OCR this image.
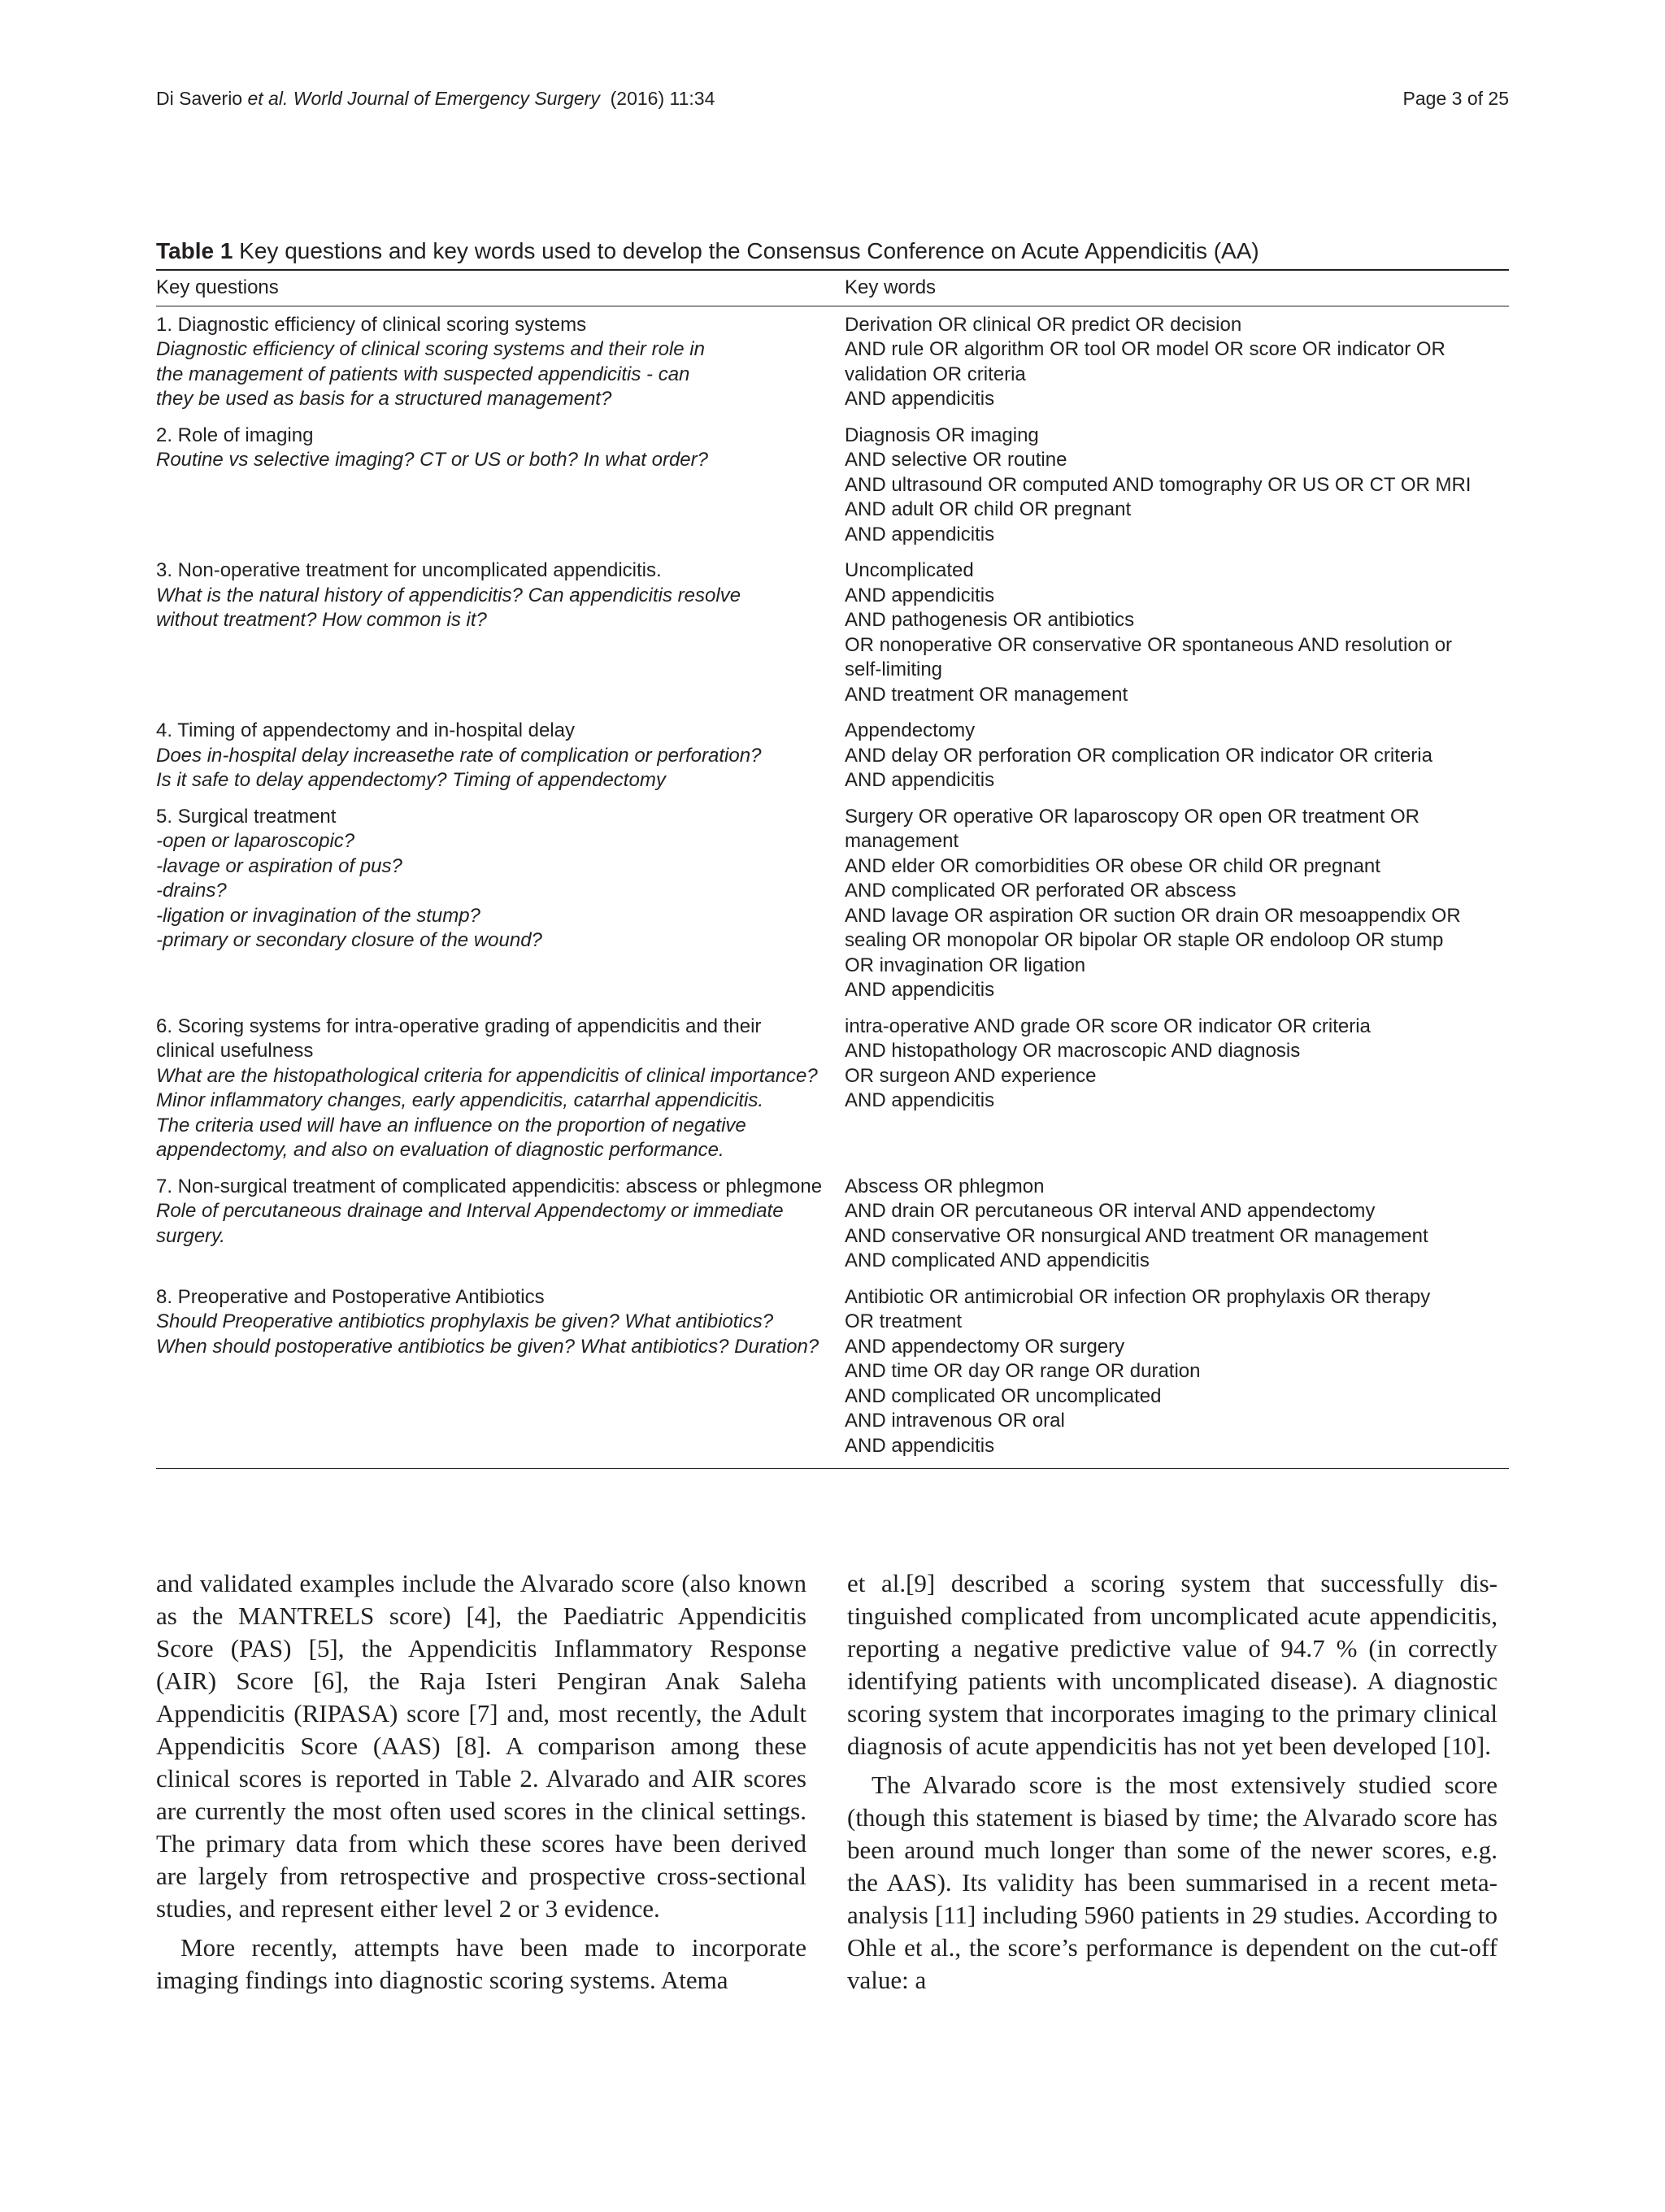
Di Saverio et al. World Journal of Emergency Surgery  (2016) 11:34	Page 3 of 25
Table 1 Key questions and key words used to develop the Consensus Conference on Acute Appendicitis (AA)
Key questions	Key words
1. Diagnostic efficiency of clinical scoring systems
Diagnostic efficiency of clinical scoring systems and their role in
the management of patients with suspected appendicitis - can
they be used as basis for a structured management?
Derivation OR clinical OR predict OR decision
AND rule OR algorithm OR tool OR model OR score OR indicator OR
validation OR criteria
AND appendicitis
2. Role of imaging
Routine vs selective imaging? CT or US or both? In what order?
Diagnosis OR imaging
AND selective OR routine
AND ultrasound OR computed AND tomography OR US OR CT OR MRI
AND adult OR child OR pregnant
AND appendicitis
3. Non-operative treatment for uncomplicated appendicitis.
What is the natural history of appendicitis? Can appendicitis resolve
without treatment? How common is it?
Uncomplicated
AND appendicitis
AND pathogenesis OR antibiotics
OR nonoperative OR conservative OR spontaneous AND resolution or
self-limiting
AND treatment OR management
4. Timing of appendectomy and in-hospital delay
Does in-hospital delay increasethe rate of complication or perforation?
Is it safe to delay appendectomy? Timing of appendectomy
Appendectomy
AND delay OR perforation OR complication OR indicator OR criteria
AND appendicitis
5. Surgical treatment
-open or laparoscopic?
-lavage or aspiration of pus?
-drains?
-ligation or invagination of the stump?
-primary or secondary closure of the wound?
Surgery OR operative OR laparoscopy OR open OR treatment OR
management
AND elder OR comorbidities OR obese OR child OR pregnant
AND complicated OR perforated OR abscess
AND lavage OR aspiration OR suction OR drain OR mesoappendix OR
sealing OR monopolar OR bipolar OR staple OR endoloop OR stump
OR invagination OR ligation
AND appendicitis
6. Scoring systems for intra-operative grading of appendicitis and their
clinical usefulness
What are the histopathological criteria for appendicitis of clinical importance?
Minor inflammatory changes, early appendicitis, catarrhal appendicitis.
The criteria used will have an influence on the proportion of negative
appendectomy, and also on evaluation of diagnostic performance.
intra-operative AND grade OR score OR indicator OR criteria
AND histopathology OR macroscopic AND diagnosis
OR surgeon AND experience
AND appendicitis
7. Non-surgical treatment of complicated appendicitis: abscess or phlegmone
Role of percutaneous drainage and Interval Appendectomy or immediate
surgery.
Abscess OR phlegmon
AND drain OR percutaneous OR interval AND appendectomy
AND conservative OR nonsurgical AND treatment OR management
AND complicated AND appendicitis
8. Preoperative and Postoperative Antibiotics
Should Preoperative antibiotics prophylaxis be given? What antibiotics?
When should postoperative antibiotics be given? What antibiotics? Duration?
Antibiotic OR antimicrobial OR infection OR prophylaxis OR therapy
OR treatment
AND appendectomy OR surgery
AND time OR day OR range OR duration
AND complicated OR uncomplicated
AND intravenous OR oral
AND appendicitis

and validated examples include the Alvarado score (also known as the MANTRELS score) [4], the Paediatric Appendicitis Score (PAS) [5], the Appendicitis Inflammatory Response (AIR) Score [6], the Raja Isteri Pengiran Anak Saleha Appendicitis (RIPASA) score [7] and, most recently, the Adult Appendicitis Score (AAS) [8]. A comparison among these clinical scores is reported in Table 2. Alvarado and AIR scores are currently the most often used scores in the clinical settings. The primary data from which these scores have been derived are largely from retrospective and prospective cross-sectional studies, and represent either level 2 or 3 evidence.

More recently, attempts have been made to incorporate imaging findings into diagnostic scoring systems. Atema

et al.[9] described a scoring system that successfully distinguished complicated from uncomplicated acute appendicitis, reporting a negative predictive value of 94.7 % (in correctly identifying patients with uncomplicated disease). A diagnostic scoring system that incorporates imaging to the primary clinical diagnosis of acute appendicitis has not yet been developed [10].

The Alvarado score is the most extensively studied score (though this statement is biased by time; the Alvarado score has been around much longer than some of the newer scores, e.g. the AAS). Its validity has been summarised in a recent meta-analysis [11] including 5960 patients in 29 studies. According to Ohle et al., the score’s performance is dependent on the cut-off value: a
